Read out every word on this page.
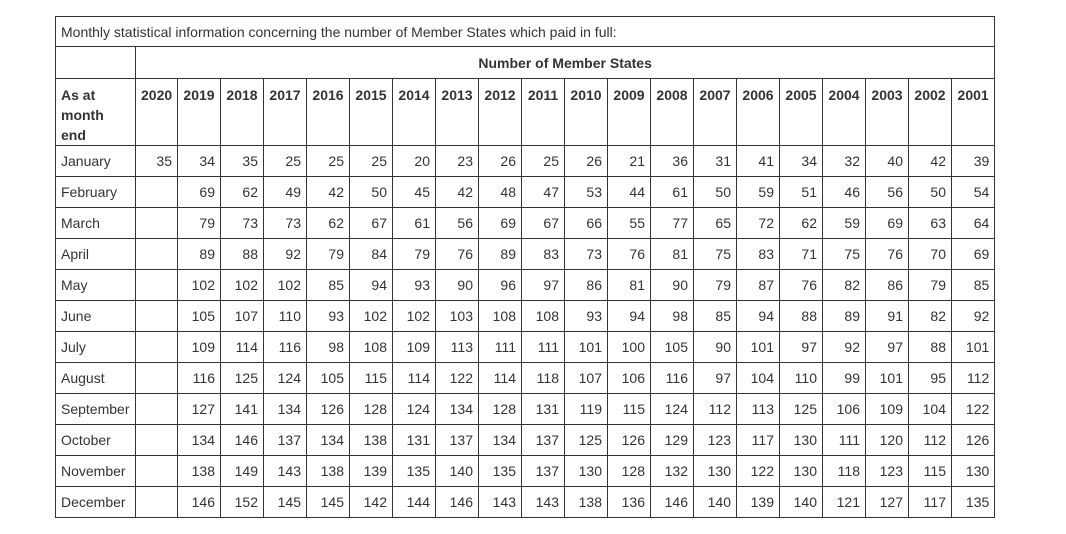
Monthly statistical information concerning the number of Member States which paid in full:																				
	Number of Member States																			
As at
month
end	2020	2019	2018	2017	2016	2015	2014	2013	2012	2011	2010	2009	2008	2007	2006	2005	2004	2003	2002	2001
January	35	34	35	25	25	25	20	23	26	25	26	21	36	31	41	34	32	40	42	39
February		69	62	49	42	50	45	42	48	47	53	44	61	50	59	51	46	56	50	54
March		79	73	73	62	67	61	56	69	67	66	55	77	65	72	62	59	69	63	64
April		89	88	92	79	84	79	76	89	83	73	76	81	75	83	71	75	76	70	69
May		102	102	102	85	94	93	90	96	97	86	81	90	79	87	76	82	86	79	85
June		105	107	110	93	102	102	103	108	108	93	94	98	85	94	88	89	91	82	92
July		109	114	116	98	108	109	113	111	111	101	100	105	90	101	97	92	97	88	101
August		116	125	124	105	115	114	122	114	118	107	106	116	97	104	110	99	101	95	112
September		127	141	134	126	128	124	134	128	131	119	115	124	112	113	125	106	109	104	122
October		134	146	137	134	138	131	137	134	137	125	126	129	123	117	130	111	120	112	126
November		138	149	143	138	139	135	140	135	137	130	128	132	130	122	130	118	123	115	130
December		146	152	145	145	142	144	146	143	143	138	136	146	140	139	140	121	127	117	135
